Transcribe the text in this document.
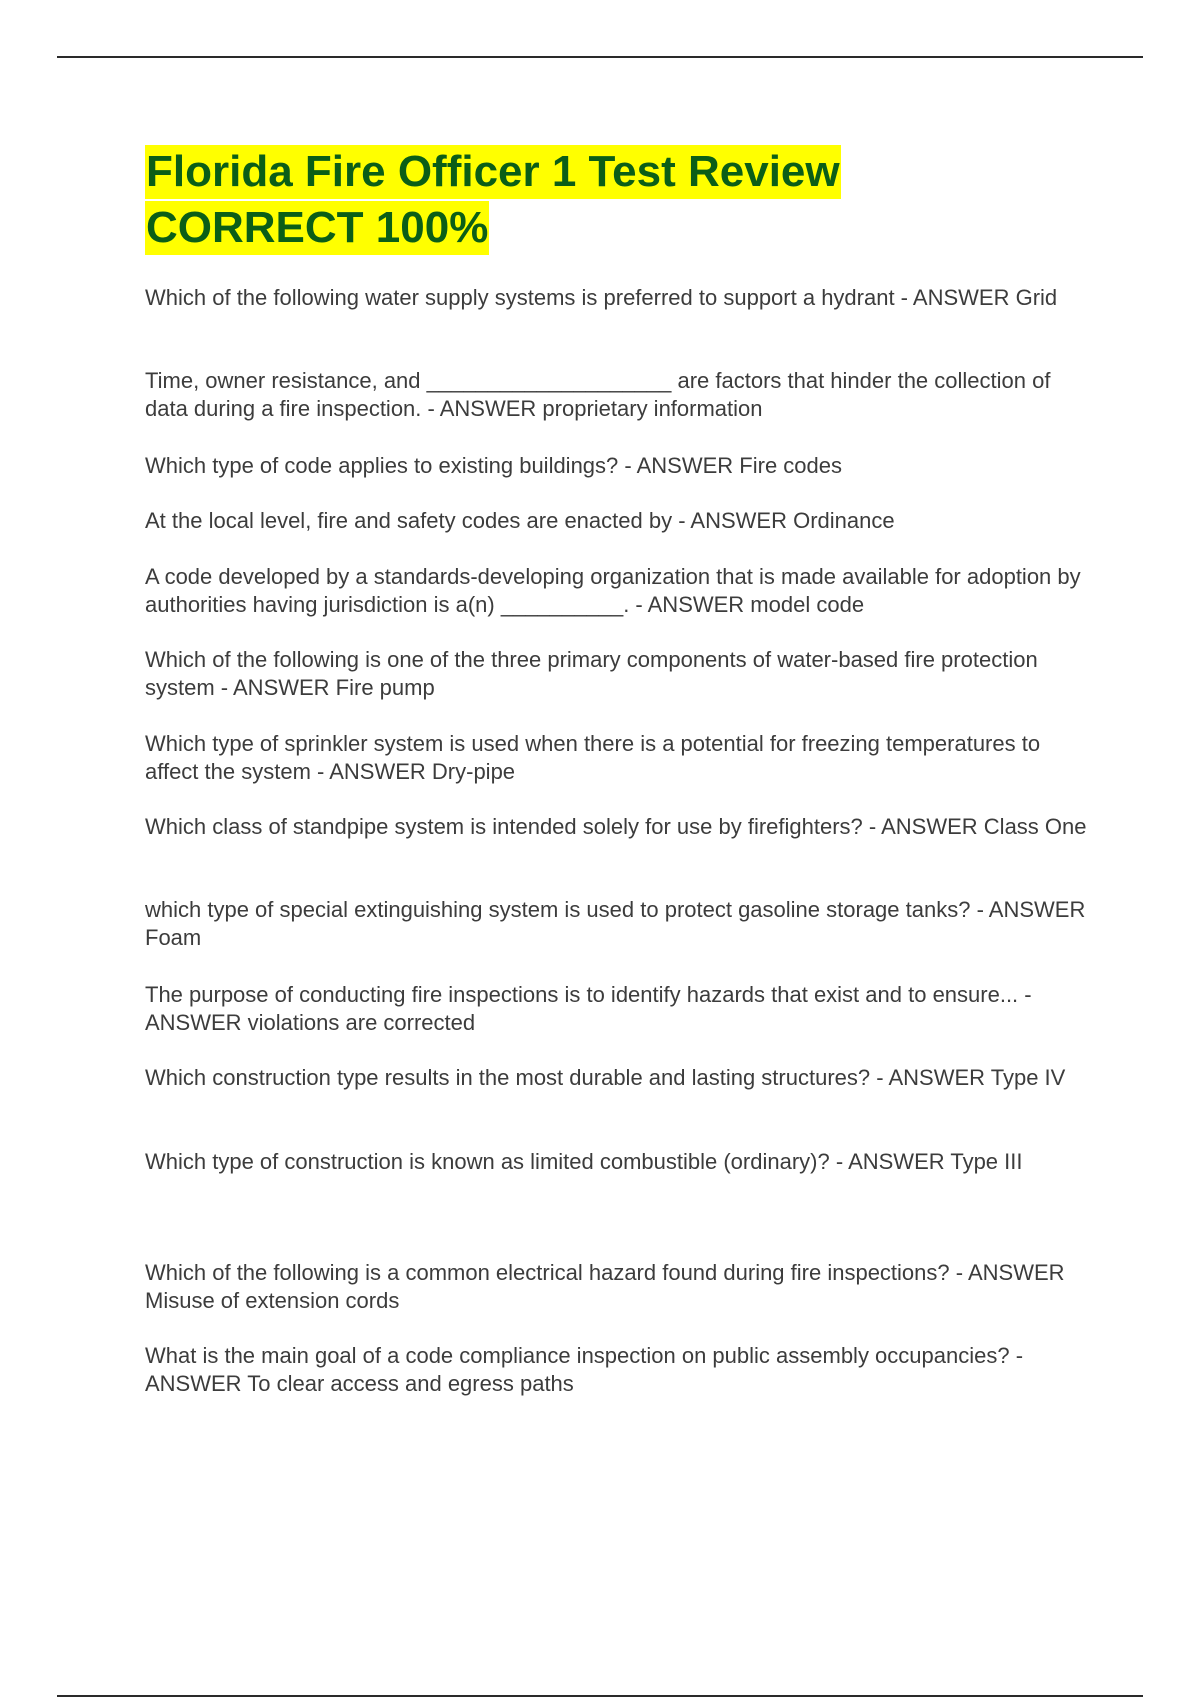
Florida Fire Officer 1 Test Review
CORRECT 100%

Which of the following water supply systems is preferred to support a hydrant - ANSWER Grid

Time, owner resistance, and ____________________ are factors that hinder the collection of data during a fire inspection. - ANSWER proprietary information

Which type of code applies to existing buildings? - ANSWER Fire codes

At the local level, fire and safety codes are enacted by - ANSWER Ordinance

A code developed by a standards-developing organization that is made available for adoption by authorities having jurisdiction is a(n) __________. - ANSWER model code

Which of the following is one of the three primary components of water-based fire protection system - ANSWER Fire pump

Which type of sprinkler system is used when there is a potential for freezing temperatures to affect the system - ANSWER Dry-pipe

Which class of standpipe system is intended solely for use by firefighters? - ANSWER Class One

which type of special extinguishing system is used to protect gasoline storage tanks? - ANSWER Foam

The purpose of conducting fire inspections is to identify hazards that exist and to ensure... - ANSWER violations are corrected

Which construction type results in the most durable and lasting structures? - ANSWER Type IV

Which type of construction is known as limited combustible (ordinary)? - ANSWER Type III

Which of the following is a common electrical hazard found during fire inspections? - ANSWER Misuse of extension cords

What is the main goal of a code compliance inspection on public assembly occupancies? - ANSWER To clear access and egress paths
